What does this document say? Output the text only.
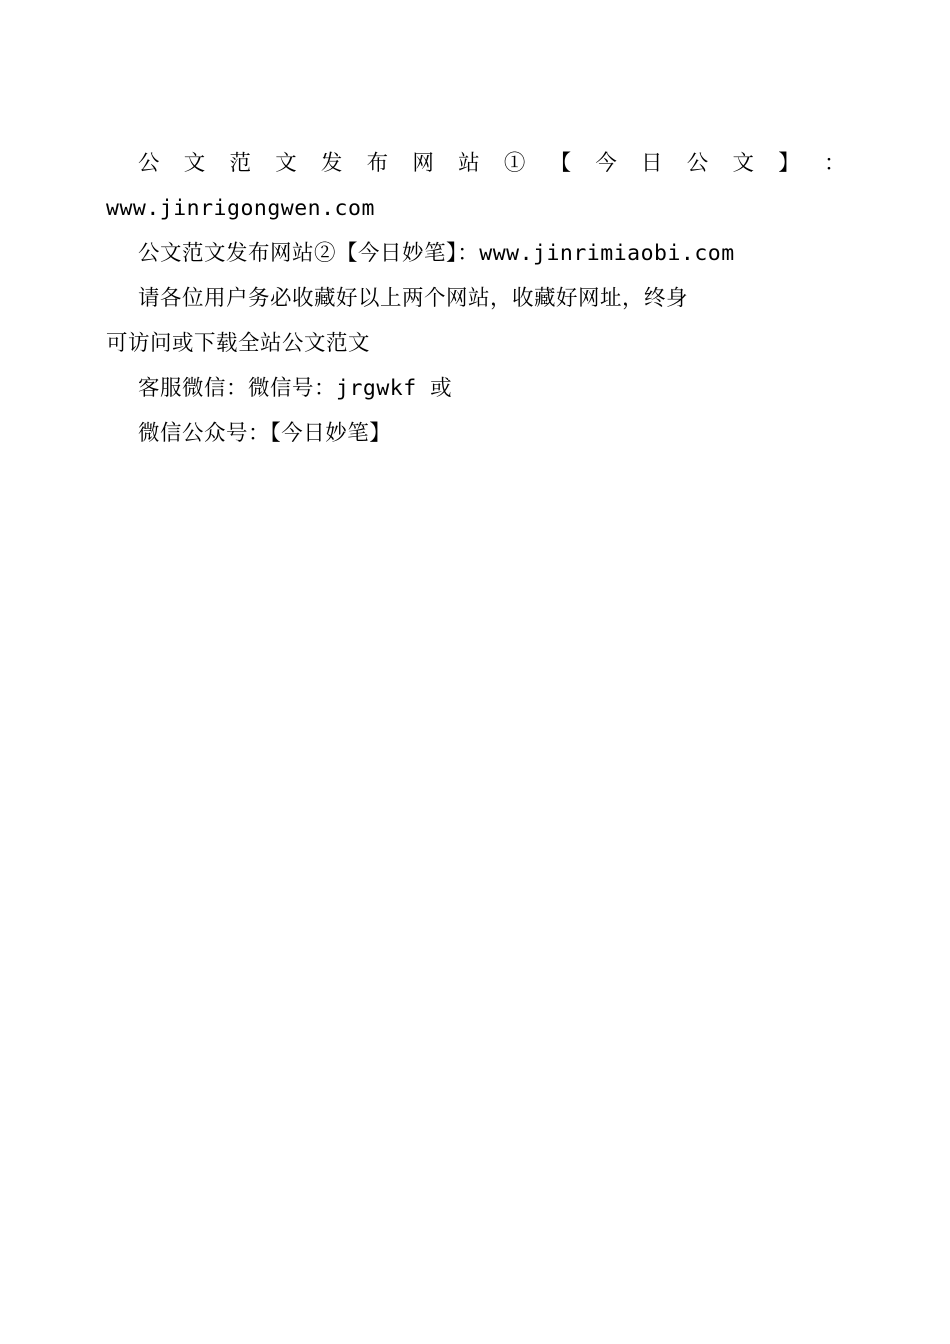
公 文 范 文 发 布 网 站 ① 【 今 日 公 文 】 ：
www.jinrigongwen.com
公文范文发布网站②【今日妙笔】：www.jinrimiaobi.com
请各位用户务必收藏好以上两个网站，收藏好网址，终身
可访问或下载全站公文范文
客服微信：微信号：jrgwkf 或
微信公众号：【今日妙笔】
